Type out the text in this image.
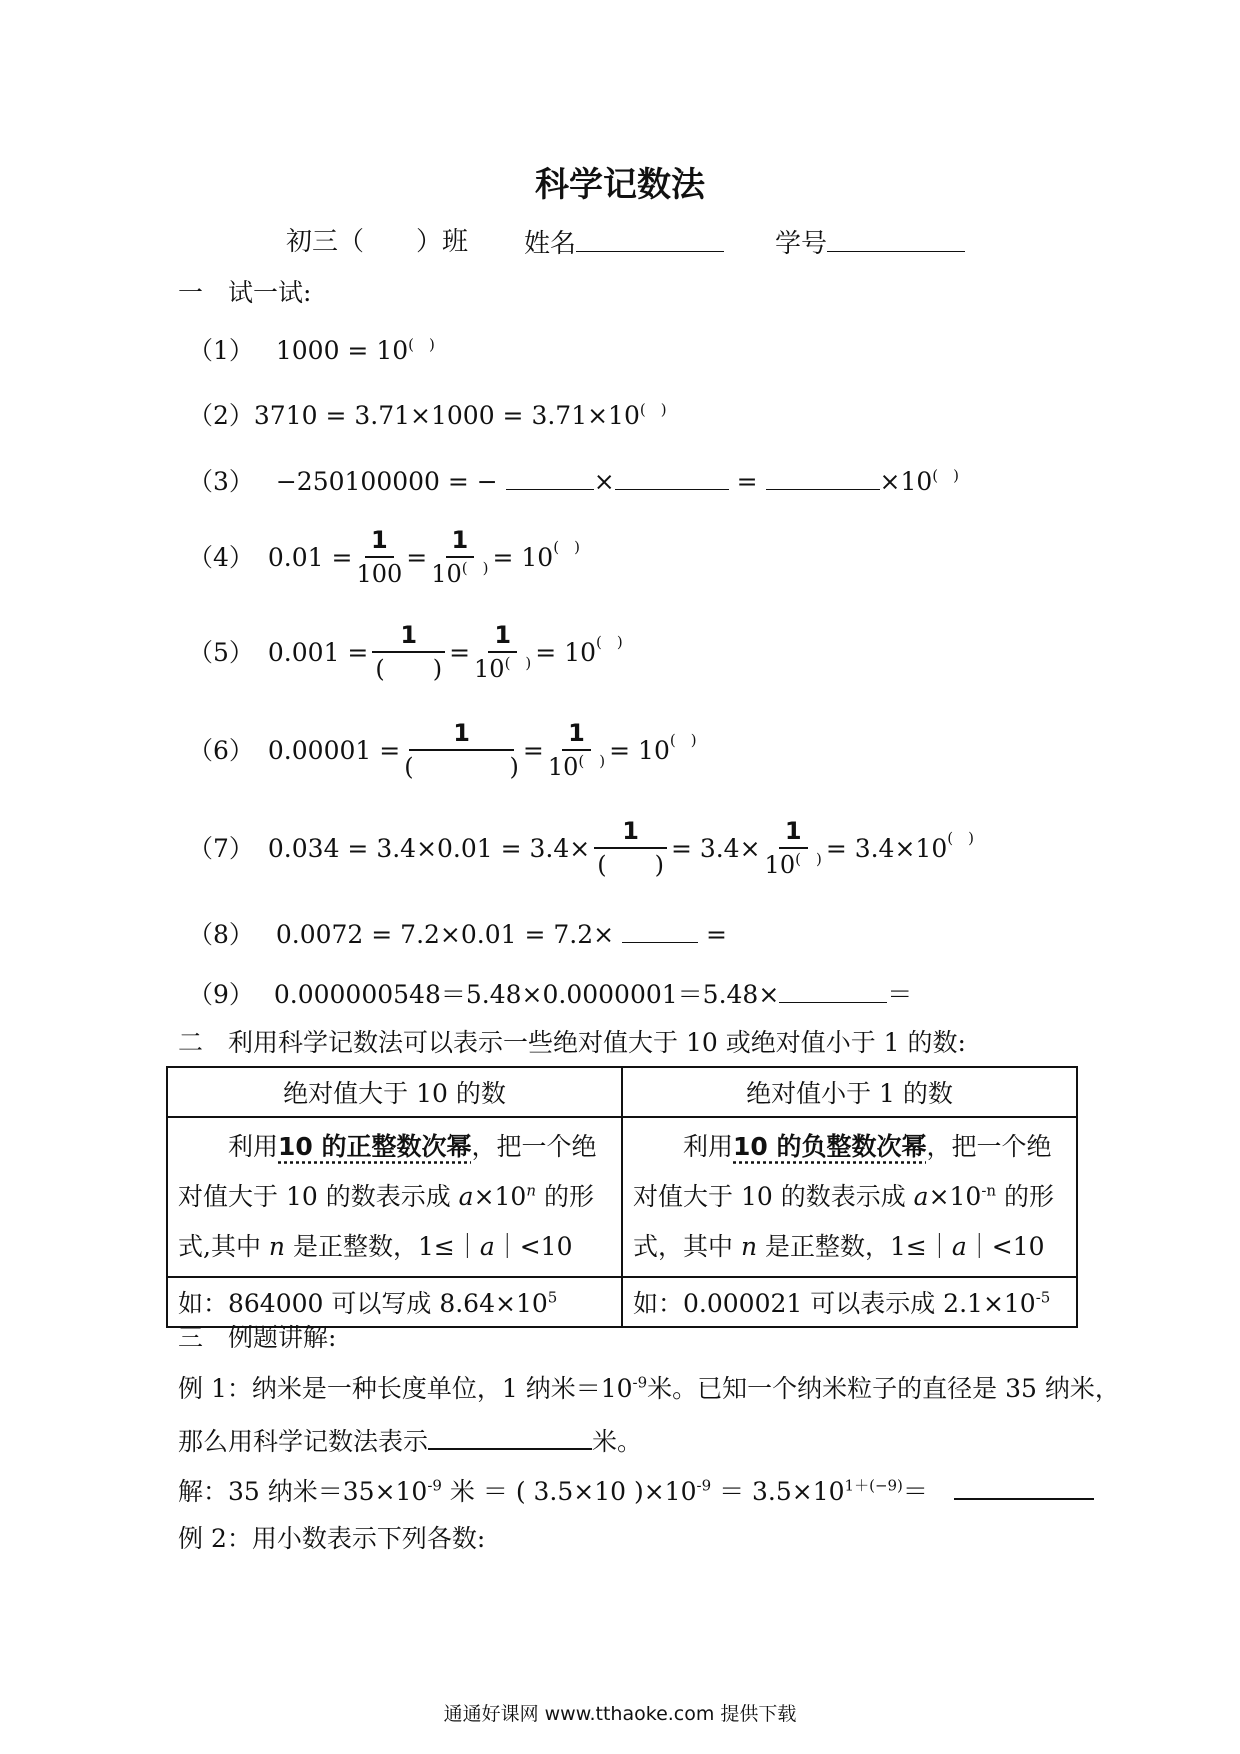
科学记数法
初三（　　）班 姓名	学号
一　试一试:
（1） 1000 = 10(　)
（2）3710 = 3.71×1000 = 3.71×10(　)
（3） −250100000 = −	×	=	×10(　)
（4） $0.01 = \frac{1}{100} = \frac{1}{10^{( )}} = 10^{( )}$
（5） $0.001 = \frac{1}{( )} = \frac{1}{10^{( )}} = 10^{( )}$
（6） $0.00001 = \frac{1}{( )} = \frac{1}{10^{( )}} = 10^{( )}$
（7） $0.034 = 3.4\times 0.01 = 3.4\times \frac{1}{( )} = 3.4\times \frac{1}{10^{( )}} = 3.4\times 10^{( )}$
（8） 0.0072 = 7.2×0.01 = 7.2×	=
（9） 0.000000548＝5.48×0.0000001＝5.48×	＝
二　利用科学记数法可以表示一些绝对值大于 10 或绝对值小于 1 的数:
绝对值大于 10 的数	绝对值小于 1 的数

利用10 的正整数次幂，把一个绝对值大于 10 的数表示成 $a\times 10^n$ 的形式,其中 n 是正整数，1≤｜a｜<10	利用10 的负整数次幂，把一个绝对值大于 10 的数表示成 $a\times 10^{-n}$ 的形式，其中 n 是正整数，1≤｜a｜<10

如：864000 可以写成 $8.64\times 10^5$	如：0.000021 可以表示成 $2.1\times 10^{-5}$
三　例题讲解:
例 1：纳米是一种长度单位，1 纳米$=10^{-9}$米。已知一个纳米粒子的直径是 35 纳米，
那么用科学记数法表示	米。
解：35 纳米$=35\times 10^{-9}$ 米 ＝ ( 3.5×10 )$\times 10^{-9} = 3.5\times 10^{1+(-9)}=$
例 2：用小数表示下列各数:
通通好课网 www.tthaoke.com 提供下载
